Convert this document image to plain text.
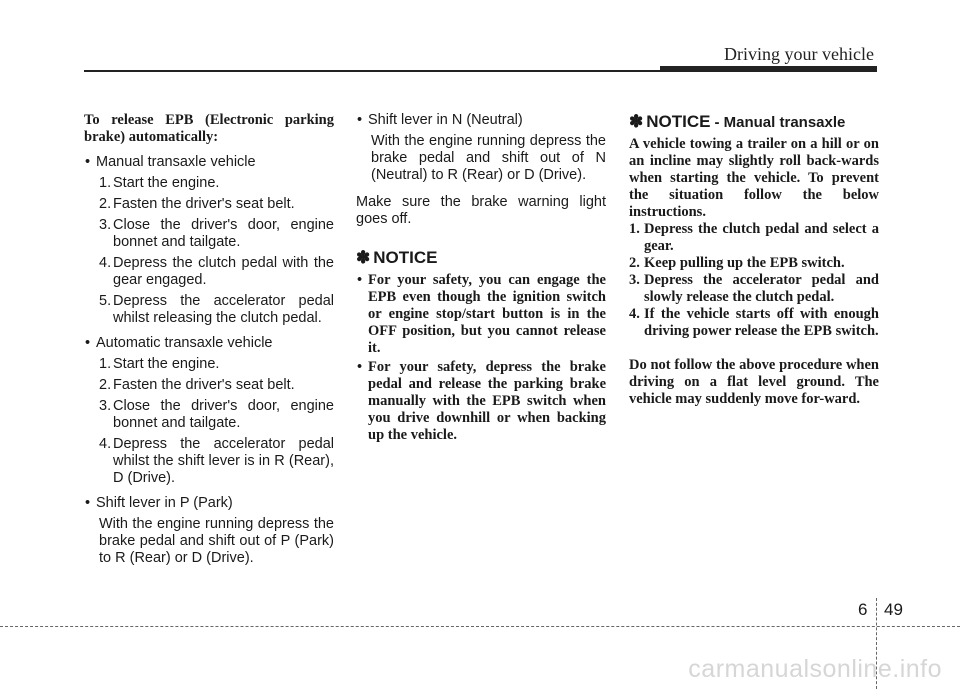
Driving your vehicle
To release EPB (Electronic parking brake) automatically:
• Manual transaxle vehicle
1. Start the engine.
2. Fasten the driver's seat belt.
3. Close the driver's door, engine bonnet and tailgate.
4. Depress the clutch pedal with the gear engaged.
5. Depress the accelerator pedal whilst releasing the clutch pedal.
• Automatic transaxle vehicle
1. Start the engine.
2. Fasten the driver's seat belt.
3. Close the driver's door, engine bonnet and tailgate.
4. Depress the accelerator pedal whilst the shift lever is in R (Rear), D (Drive).
• Shift lever in P (Park)
With the engine running depress the brake pedal and shift out of P (Park) to R (Rear) or D (Drive).
• Shift lever in N (Neutral)
With the engine running depress the brake pedal and shift out of N (Neutral) to R (Rear) or D (Drive).
Make sure the brake warning light goes off.
✽ NOTICE
• For your safety, you can engage the EPB even though the ignition switch or engine stop/start button is in the OFF position, but you cannot release it.
• For your safety, depress the brake pedal and release the parking brake manually with the EPB switch when you drive downhill or when backing up the vehicle.
✽ NOTICE - Manual transaxle
A vehicle towing a trailer on a hill or on an incline may slightly roll back-wards when starting the vehicle. To prevent the situation follow the below instructions.
1. Depress the clutch pedal and select a gear.
2. Keep pulling up the EPB switch.
3. Depress the accelerator pedal and slowly release the clutch pedal.
4. If the vehicle starts off with enough driving power release the EPB switch.
Do not follow the above procedure when driving on a flat level ground. The vehicle may suddenly move for-ward.
6 49
carmanualsonline.info
